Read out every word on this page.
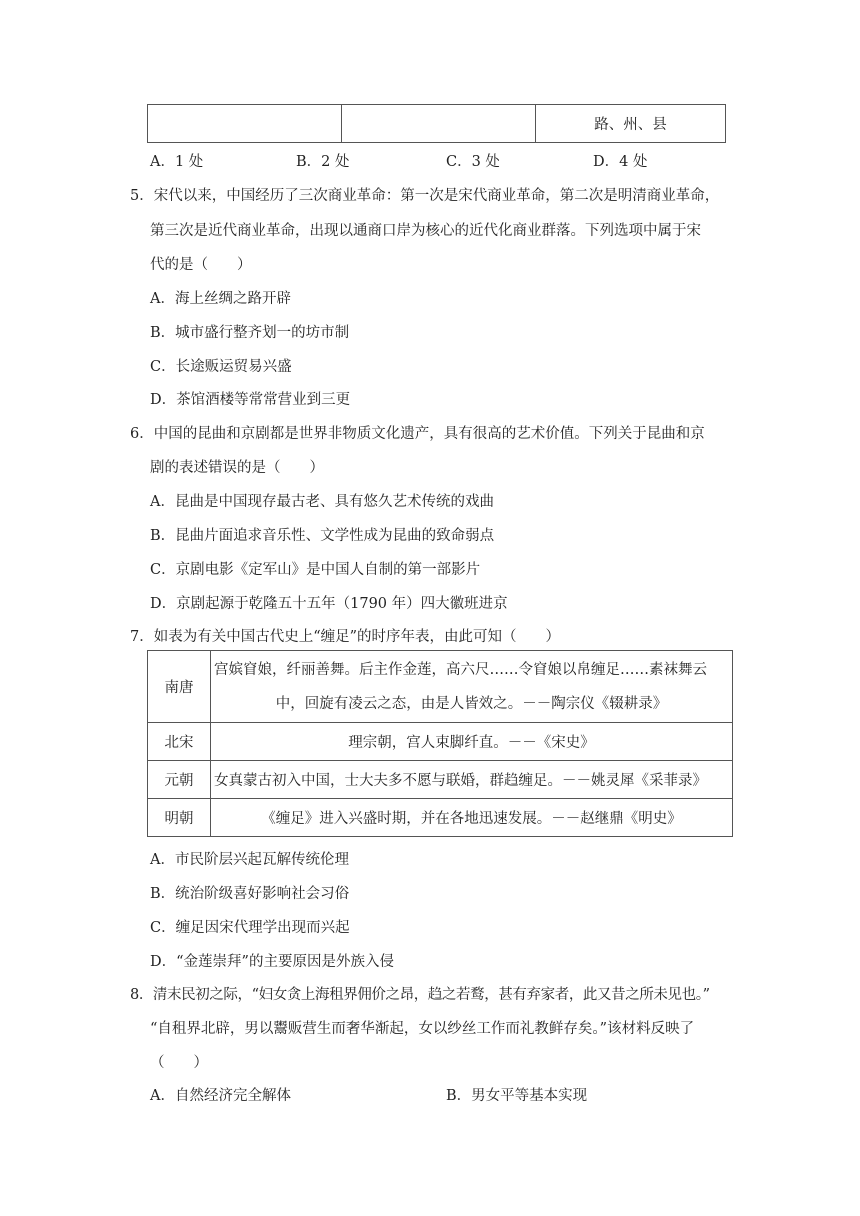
		路、州、县
A．1 处	B．2 处	C．3 处	D．4 处
5．宋代以来，中国经历了三次商业革命：第一次是宋代商业革命，第二次是明清商业革命，
第三次是近代商业革命，出现以通商口岸为核心的近代化商业群落。下列选项中属于宋
代的是（　　）
A．海上丝绸之路开辟
B．城市盛行整齐划一的坊市制
C．长途贩运贸易兴盛
D．茶馆酒楼等常常营业到三更
6．中国的昆曲和京剧都是世界非物质文化遗产，具有很高的艺术价值。下列关于昆曲和京
剧的表述错误的是（　　）
A．昆曲是中国现存最古老、具有悠久艺术传统的戏曲
B．昆曲片面追求音乐性、文学性成为昆曲的致命弱点
C．京剧电影《定军山》是中国人自制的第一部影片
D．京剧起源于乾隆五十五年（1790 年）四大徽班进京
7．如表为有关中国古代史上“缠足”的时序年表，由此可知（　　）
南唐	宫嫔窅娘，纤丽善舞。后主作金莲，高六尺……令窅娘以帛缠足……素袜舞云
中，回旋有凌云之态，由是人皆效之。－－陶宗仪《辍耕录》

北宋	理宗朝，宫人束脚纤直。－－《宋史》
元朝	女真蒙古初入中国，士大夫多不愿与联婚，群趋缠足。－－姚灵犀《采菲录》
明朝	《缠足》进入兴盛时期，并在各地迅速发展。－－赵继鼎《明史》
A．市民阶层兴起瓦解传统伦理
B．统治阶级喜好影响社会习俗
C．缠足因宋代理学出现而兴起
D．“金莲崇拜”的主要原因是外族入侵
8．清末民初之际，“妇女贪上海租界佣价之昂，趋之若鹜，甚有弃家者，此又昔之所未见也。”
“自租界北辟，男以鬻贩营生而奢华渐起，女以纱丝工作而礼教鲜存矣。”该材料反映了
（　　）
A．自然经济完全解体	B．男女平等基本实现
